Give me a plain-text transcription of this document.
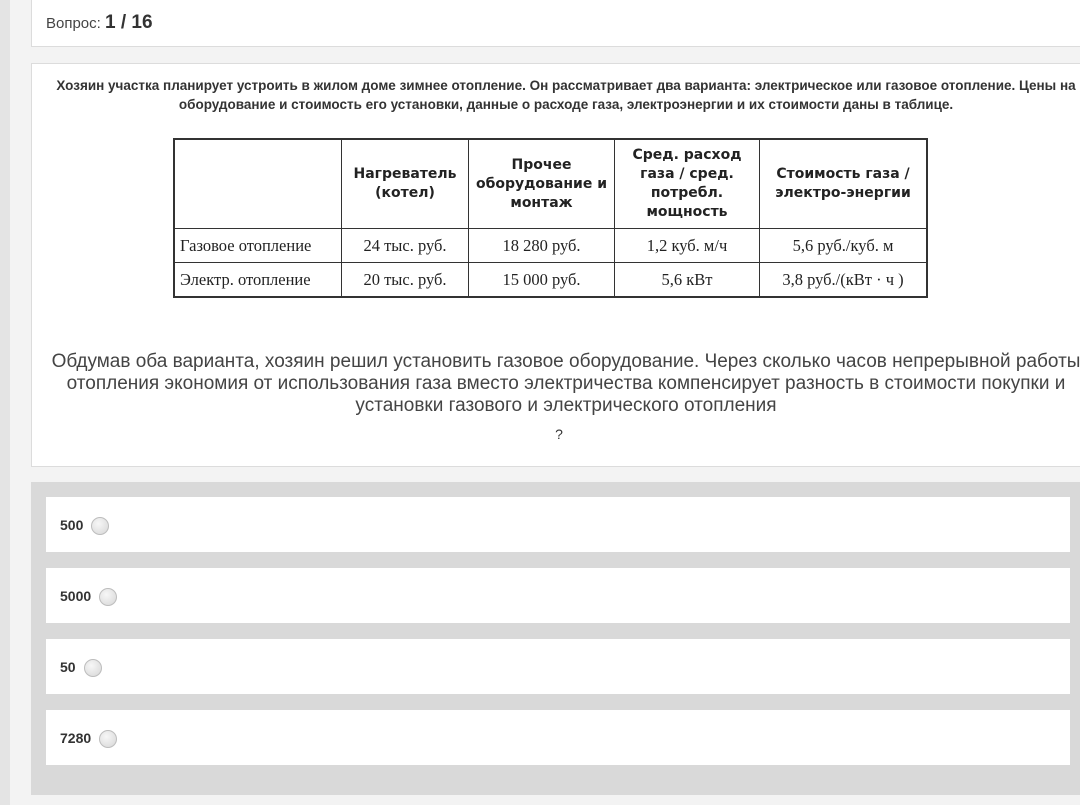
Вопрос: 1 / 16
Хозяин участка планирует устроить в жилом доме зимнее отопление. Он рассматривает два варианта: электрическое или газовое отопление. Цены на оборудование и стоимость его установки, данные о расходе газа, электроэнергии и их стоимости даны в таблице.
	Нагреватель (котел)	Прочее оборудование и монтаж	Сред. расход газа / сред. потребл. мощность	Стоимость газа / электро-энергии
Газовое отопление	24 тыс. руб.	18 280 руб.	1,2 куб. м/ч	5,6 руб./куб. м
Электр. отопление	20 тыс. руб.	15 000 руб.	5,6 кВт	3,8 руб./(кВт · ч )
Обдумав оба варианта, хозяин решил установить газовое оборудование. Через сколько часов непрерывной работы отопления экономия от использования газа вместо электричества компенсирует разность в стоимости покупки и установки газового и электрического отопления
?
500
5000
50
7280
